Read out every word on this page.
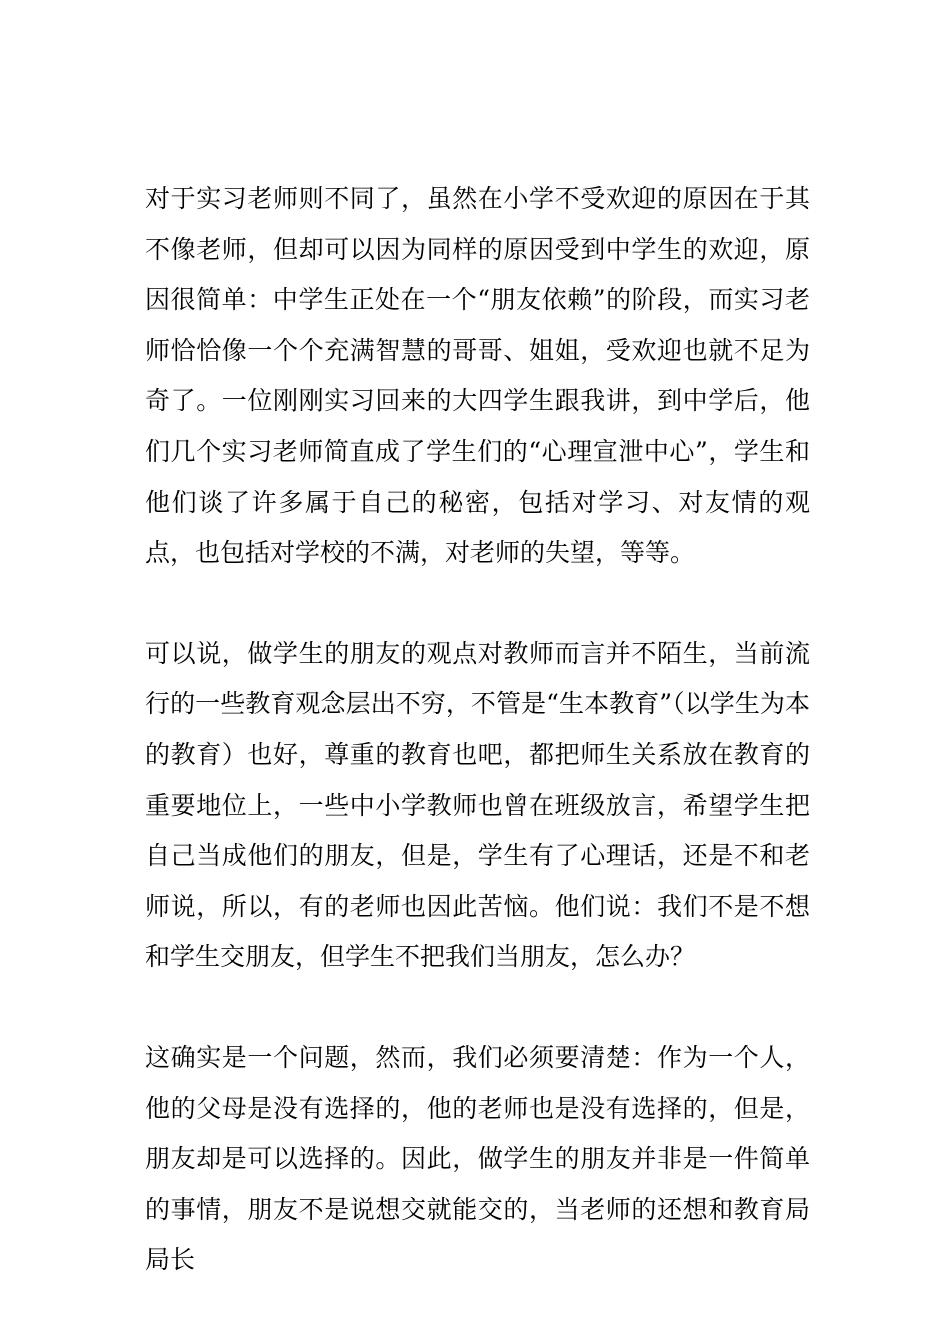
对于实习老师则不同了，虽然在小学不受欢迎的原因在于其不像老师，但却可以因为同样的原因受到中学生的欢迎，原因很简单：中学生正处在一个“朋友依赖”的阶段，而实习老师恰恰像一个个充满智慧的哥哥、姐姐，受欢迎也就不足为奇了。一位刚刚实习回来的大四学生跟我讲，到中学后，他们几个实习老师简直成了学生们的“心理宣泄中心”，学生和他们谈了许多属于自己的秘密，包括对学习、对友情的观点，也包括对学校的不满，对老师的失望，等等。

可以说，做学生的朋友的观点对教师而言并不陌生，当前流行的一些教育观念层出不穷，不管是“生本教育”（以学生为本的教育）也好，尊重的教育也吧，都把师生关系放在教育的重要地位上，一些中小学教师也曾在班级放言，希望学生把自己当成他们的朋友，但是，学生有了心理话，还是不和老师说，所以，有的老师也因此苦恼。他们说：我们不是不想和学生交朋友，但学生不把我们当朋友，怎么办？

这确实是一个问题，然而，我们必须要清楚：作为一个人，他的父母是没有选择的，他的老师也是没有选择的，但是，朋友却是可以选择的。因此，做学生的朋友并非是一件简单的事情，朋友不是说想交就能交的，当老师的还想和教育局局长
